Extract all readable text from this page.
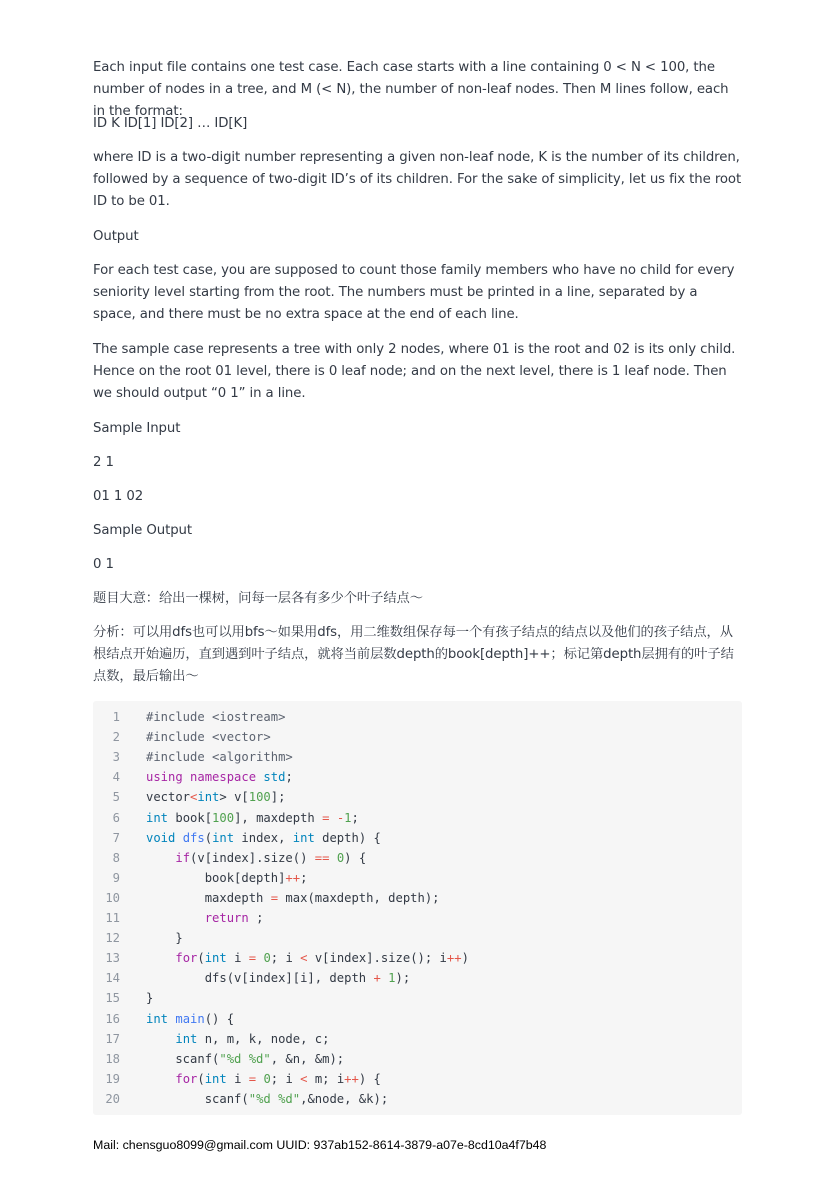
Each input file contains one test case. Each case starts with a line containing 0 < N < 100, the number of nodes in a tree, and M (< N), the number of non-leaf nodes. Then M lines follow, each in the format:

ID K ID[1] ID[2] … ID[K]

where ID is a two-digit number representing a given non-leaf node, K is the number of its children, followed by a sequence of two-digit ID’s of its children. For the sake of simplicity, let us fix the root ID to be 01.

Output

For each test case, you are supposed to count those family members who have no child for every seniority level starting from the root. The numbers must be printed in a line, separated by a space, and there must be no extra space at the end of each line.

The sample case represents a tree with only 2 nodes, where 01 is the root and 02 is its only child. Hence on the root 01 level, there is 0 leaf node; and on the next level, there is 1 leaf node. Then we should output “0 1” in a line.

Sample Input

2 1

01 1 02

Sample Output

0 1

题目大意：给出一棵树，问每一层各有多少个叶子结点～

分析：可以用dfs也可以用bfs～如果用dfs，用二维数组保存每一个有孩子结点的结点以及他们的孩子结点，从根结点开始遍历，直到遇到叶子结点，就将当前层数depth的book[depth]++；标记第depth层拥有的叶子结点数，最后输出～

1 #include <iostream>
2 #include <vector>
3 #include <algorithm>
4 using namespace std;
5 vector<int> v[100];
6 int book[100], maxdepth = -1;
7 void dfs(int index, int depth) {
8	if(v[index].size() == 0) {
9 book[depth]++;
10 maxdepth = max(maxdepth, depth);
11	return ;
12 }
13	for(int i = 0; i < v[index].size(); i++)
14 dfs(v[index][i], depth + 1);
15 }
16 int main() {
17	int n, m, k, node, c;
18 scanf("%d %d", &n, &m);
19	for(int i = 0; i < m; i++) {
20 scanf("%d %d",&node, &k);
Mail: chensguo8099@gmail.com UUID: 937ab152-8614-3879-a07e-8cd10a4f7b48
